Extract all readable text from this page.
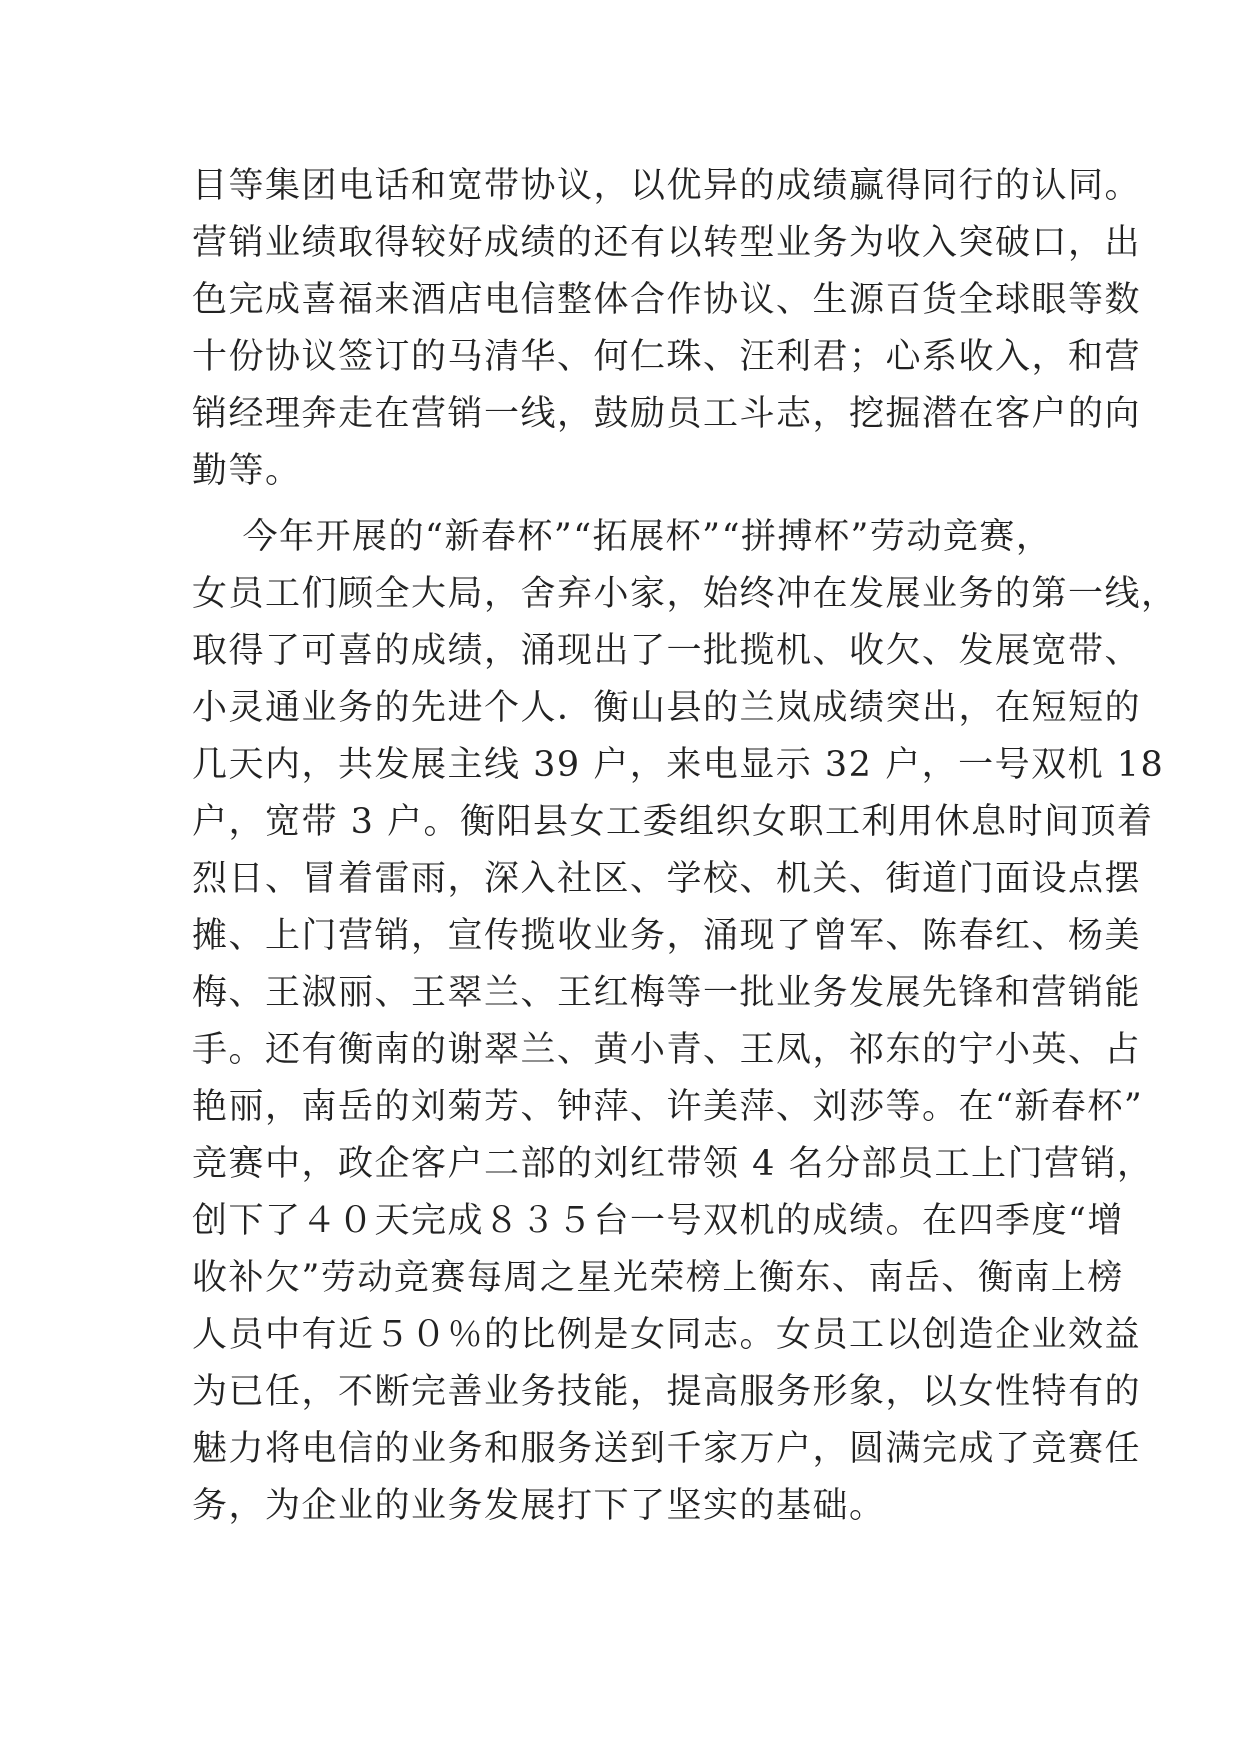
目等集团电话和宽带协议，以优异的成绩赢得同行的认同。
营销业绩取得较好成绩的还有以转型业务为收入突破口，出
色完成喜福来酒店电信整体合作协议、生源百货全球眼等数
十份协议签订的马清华、何仁珠、汪利君；心系收入，和营
销经理奔走在营销一线，鼓励员工斗志，挖掘潜在客户的向
勤等。
今年开展的“新春杯”“拓展杯”“拼搏杯”劳动竞赛，
女员工们顾全大局，舍弃小家，始终冲在发展业务的第一线，
取得了可喜的成绩，涌现出了一批揽机、收欠、发展宽带、
小灵通业务的先进个人．衡山县的兰岚成绩突出，在短短的
几天内，共发展主线 39 户，来电显示 32 户，一号双机 18
户，宽带 3 户。衡阳县女工委组织女职工利用休息时间顶着
烈日、冒着雷雨，深入社区、学校、机关、街道门面设点摆
摊、上门营销，宣传揽收业务，涌现了曾军、陈春红、杨美
梅、王淑丽、王翠兰、王红梅等一批业务发展先锋和营销能
手。还有衡南的谢翠兰、黄小青、王凤，祁东的宁小英、占
艳丽，南岳的刘菊芳、钟萍、许美萍、刘莎等。在“新春杯”
竞赛中，政企客户二部的刘红带领 4 名分部员工上门营销，
创下了４０天完成８３５台一号双机的成绩。在四季度“增
收补欠”劳动竞赛每周之星光荣榜上衡东、南岳、衡南上榜
人员中有近５０％的比例是女同志。女员工以创造企业效益
为已任，不断完善业务技能，提高服务形象，以女性特有的
魅力将电信的业务和服务送到千家万户，圆满完成了竞赛任
务，为企业的业务发展打下了坚实的基础。
